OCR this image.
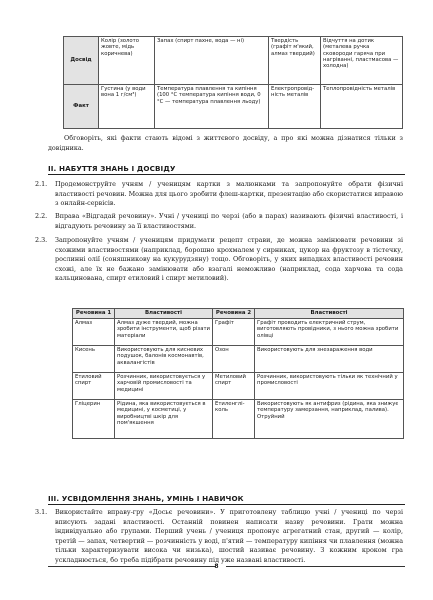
Досвід	Колір (золото жовте, мідь коричнева)	Запах (спирт пахне, вода — ні)	Твердість (графіт м'який, алмаз твердий)	Відчуття на дотик (металева ручка сковороди гаряча при нагріванні, пластмасова — холодна)
Факт	Густина (у води вона 1 г/см³)	Температура плавлення та кипіння (100 °С температура кипіння води, 0 °С — температура плавлення льоду)	Електропровідність металів	Теплопровідність металів
Обговоріть, які факти стають відомі з життєвого досвіду, а про які можна дізнатися тільки з довідника.
II. НАБУТТЯ ЗНАНЬ І ДОСВІДУ
2.1. Продемонструйте учням / ученицям картки з малюнками та запропонуйте обрати фізичні властивості речовин. Можна для цього зробити флеш-картки, презентацію або скористатися вправою з онлайн-сервісів.
2.2. Вправа «Відгадай речовину». Учні / учениці по черзі (або в парах) називають фізичні властивості, і відгадують речовину за її властивостями.
2.3. Запропонуйте учням / ученицям придумати рецепт страви, де можна замінювати речовини зі схожими властивостями (наприклад, борошно крохмалем у сирниках, цукор на фруктозу в тістечку, рослинні олії (соняшникову на кукурудзяну) тощо. Обговоріть, у яких випадках властивості речовин схожі, але їх не бажано замінювати або взагалі неможливо (наприклад, сода харчова та сода кальцинована, спирт етиловий і спирт метиловий).
Речовина 1	Властивості	Речовина 2	Властивості
Алмаз	Алмаз дуже твердий, можна зробити інструменти, щоб різати матеріали	Графіт	Графіт проводить електричний струм, виготовляють провідники, з нього можна зробити олівці
Кисень	Використовують для кисневих подушок, балонів космонавтів, аквалангістів	Озон	Використовують для знезараження води
Етиловий спирт	Розчинник, використовується у харчовій промисловості та медицині	Метиловий спирт	Розчинник, використовують тільки як технічний у промисловості
Гліцерин	Рідина, яка використовується в медицині, у косметиці, у виробництві шкір для пом'якшення	Етиленгліколь	Використовують як антифриз (рідина, яка знижує температуру замерзання, наприклад, палива). Отруйний
III. УСВІДОМЛЕННЯ ЗНАНЬ, УМІНЬ І НАВИЧОК
3.1. Використайте вправу-гру «Досьє речовини». У приготовлену таблицю учні / учениці по черзі вписують задані властивості. Останній повинен написати назву речовини. Грати можна індивідуально або групами. Перший учень / учениця пропонує агрегатний стан, другий — колір, третій — запах, четвертий — розчинність у воді, п'ятий — температуру кипіння чи плавлення (можна тільки характеризувати висока чи низька), шостий називає речовину. З кожним кроком гра ускладнюється, бо треба підібрати речовину під уже названі властивості.
8
